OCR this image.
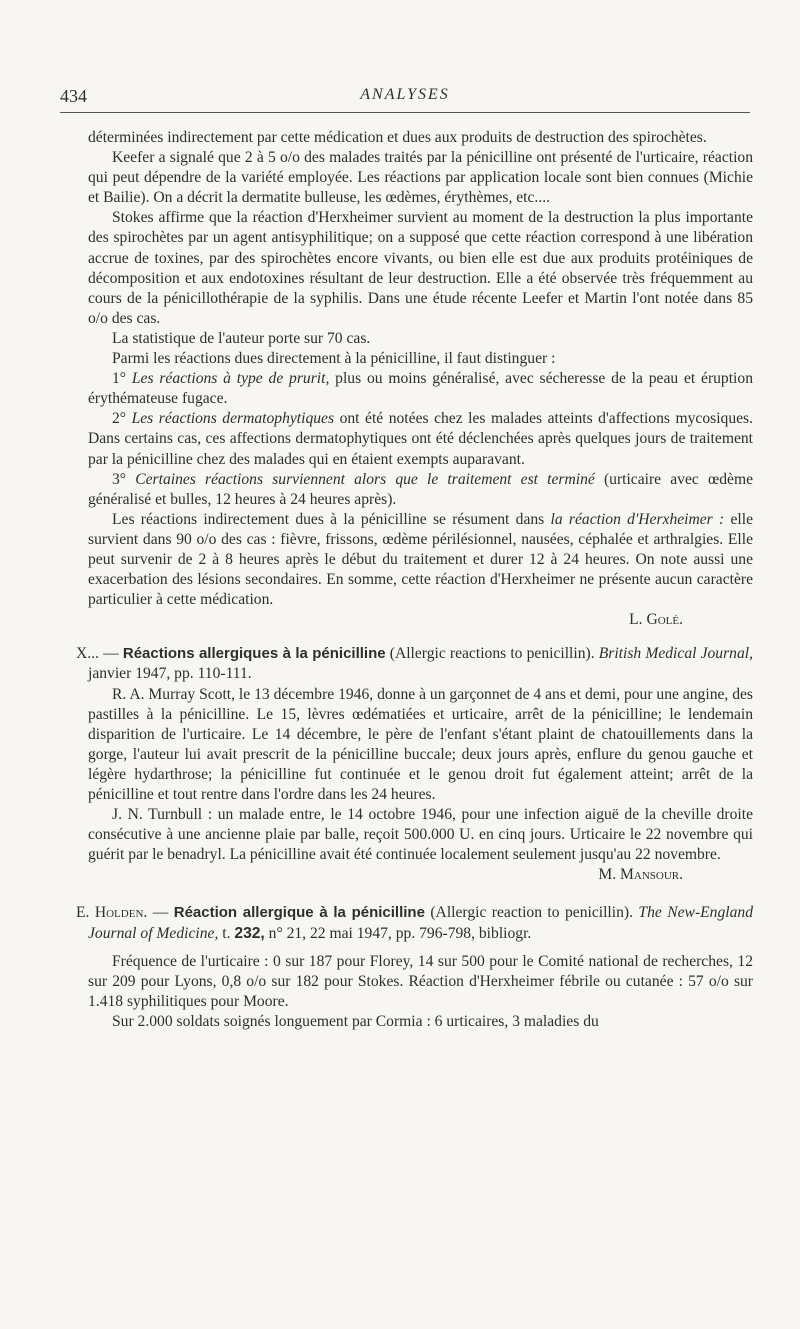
434	ANALYSES

déterminées indirectement par cette médication et dues aux produits de destruction des spirochètes.

Keefer a signalé que 2 à 5 o/o des malades traités par la pénicilline ont présenté de l'urticaire, réaction qui peut dépendre de la variété employée. Les réactions par application locale sont bien connues (Michie et Bailie). On a décrit la dermatite bulleuse, les œdèmes, érythèmes, etc....

Stokes affirme que la réaction d'Herxheimer survient au moment de la destruction la plus importante des spirochètes par un agent antisyphilitique; on a supposé que cette réaction correspond à une libération accrue de toxines, par des spirochètes encore vivants, ou bien elle est due aux produits protéiniques de décomposition et aux endotoxines résultant de leur destruction. Elle a été observée très fréquemment au cours de la pénicillothérapie de la syphilis. Dans une étude récente Leefer et Martin l'ont notée dans 85 o/o des cas.

La statistique de l'auteur porte sur 70 cas.

Parmi les réactions dues directement à la pénicilline, il faut distinguer :

1° Les réactions à type de prurit, plus ou moins généralisé, avec sécheresse de la peau et éruption érythémateuse fugace.

2° Les réactions dermatophytiques ont été notées chez les malades atteints d'affections mycosiques. Dans certains cas, ces affections dermatophytiques ont été déclenchées après quelques jours de traitement par la pénicilline chez des malades qui en étaient exempts auparavant.

3° Certaines réactions surviennent alors que le traitement est terminé (urticaire avec œdème généralisé et bulles, 12 heures à 24 heures après).

Les réactions indirectement dues à la pénicilline se résument dans la réaction d'Herxheimer : elle survient dans 90 o/o des cas : fièvre, frissons, œdème périlésionnel, nausées, céphalée et arthralgies. Elle peut survenir de 2 à 8 heures après le début du traitement et durer 12 à 24 heures. On note aussi une exacerbation des lésions secondaires. En somme, cette réaction d'Herxheimer ne présente aucun caractère particulier à cette médication.

L. Golé.

X... — Réactions allergiques à la pénicilline (Allergic reactions to penicillin). British Medical Journal, janvier 1947, pp. 110-111.

R. A. Murray Scott, le 13 décembre 1946, donne à un garçonnet de 4 ans et demi, pour une angine, des pastilles à la pénicilline. Le 15, lèvres œdématiées et urticaire, arrêt de la pénicilline; le lendemain disparition de l'urticaire. Le 14 décembre, le père de l'enfant s'étant plaint de chatouillements dans la gorge, l'auteur lui avait prescrit de la pénicilline buccale; deux jours après, enflure du genou gauche et légère hydarthrose; la pénicilline fut continuée et le genou droit fut également atteint; arrêt de la pénicilline et tout rentre dans l'ordre dans les 24 heures.

J. N. Turnbull : un malade entre, le 14 octobre 1946, pour une infection aiguë de la cheville droite consécutive à une ancienne plaie par balle, reçoit 500.000 U. en cinq jours. Urticaire le 22 novembre qui guérit par le benadryl. La pénicilline avait été continuée localement seulement jusqu'au 22 novembre.

M. Mansour.

E. Holden. — Réaction allergique à la pénicilline (Allergic reaction to penicillin). The New-England Journal of Medicine, t. 232, n° 21, 22 mai 1947, pp. 796-798, bibliogr.

Fréquence de l'urticaire : 0 sur 187 pour Florey, 14 sur 500 pour le Comité national de recherches, 12 sur 209 pour Lyons, 0,8 o/o sur 182 pour Stokes. Réaction d'Herxheimer fébrile ou cutanée : 57 o/o sur 1.418 syphilitiques pour Moore.

Sur 2.000 soldats soignés longuement par Cormia : 6 urticaires, 3 maladies du
